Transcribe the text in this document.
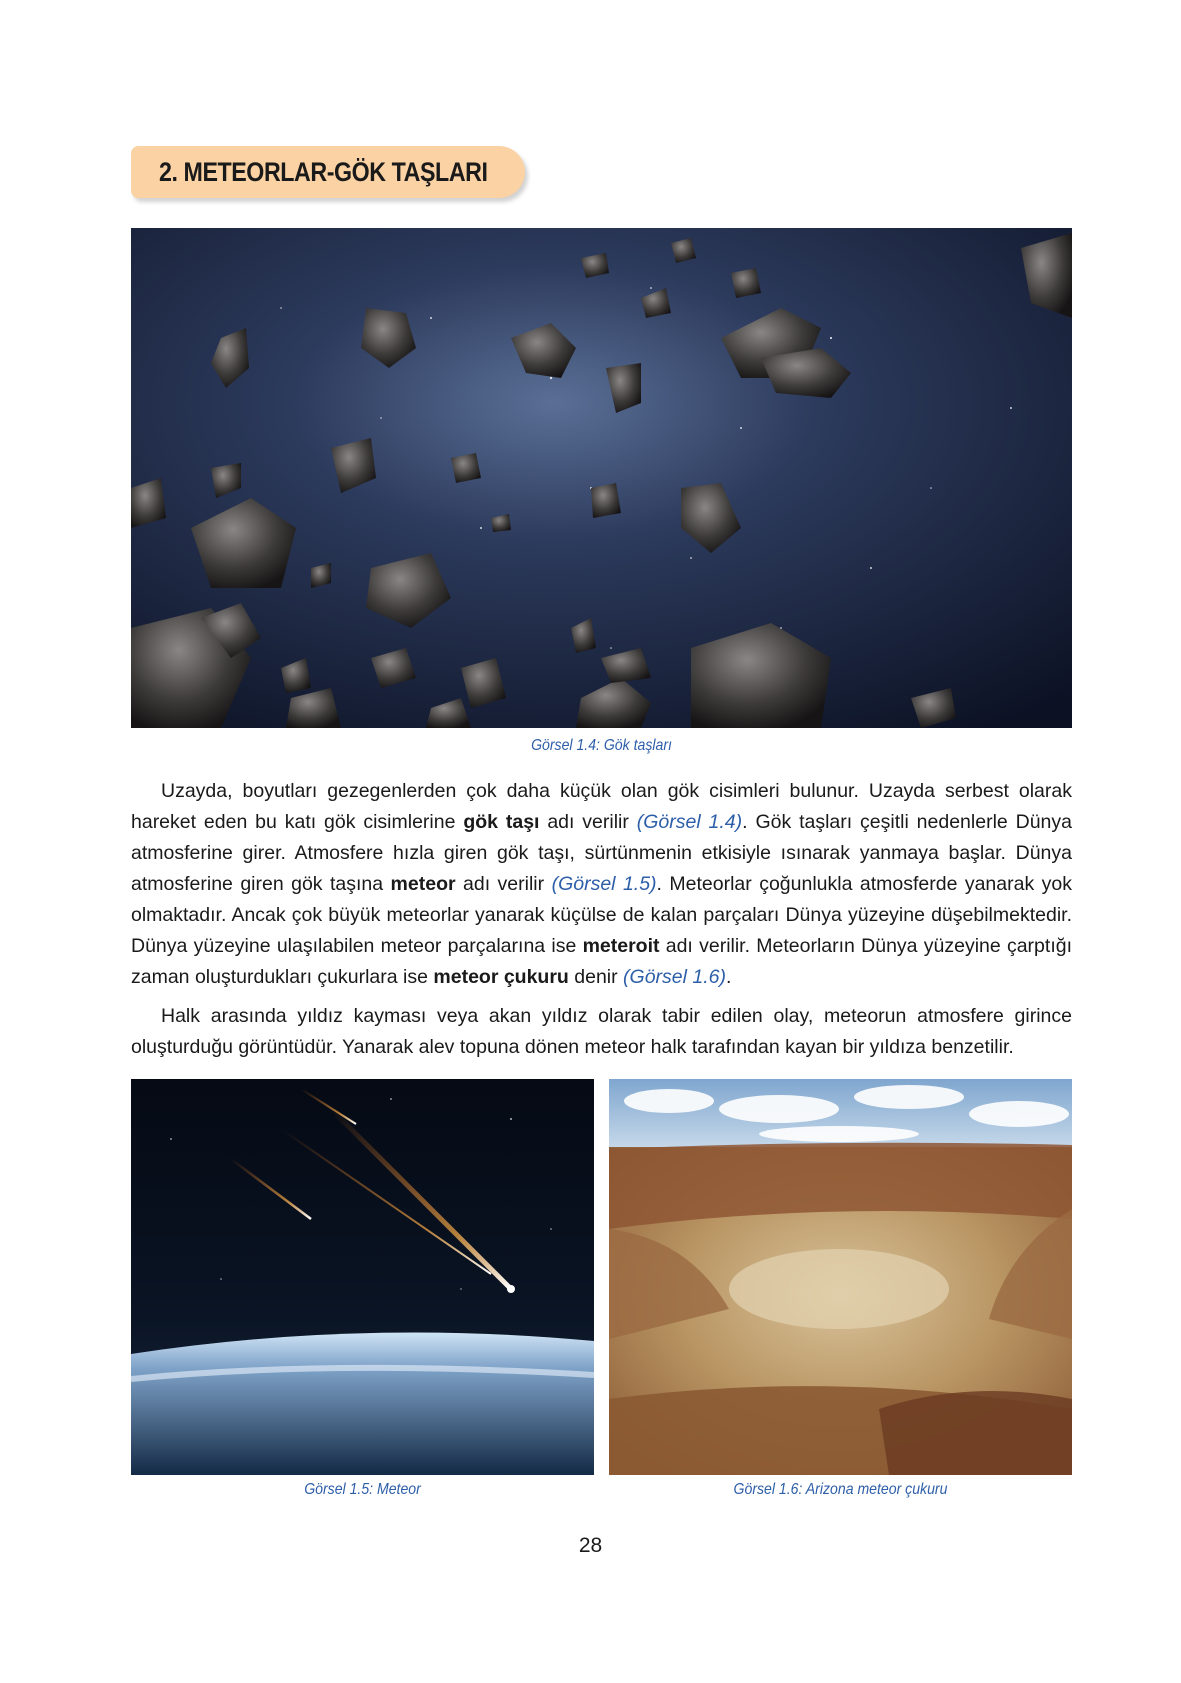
2. METEORLAR-GÖK TAŞLARI
Görsel 1.4: Gök taşları

Uzayda, boyutları gezegenlerden çok daha küçük olan gök cisimleri bulunur. Uzayda serbest olarak hareket eden bu katı gök cisimlerine gök taşı adı verilir (Görsel 1.4). Gök taşları çeşitli nedenlerle Dünya atmosferine girer. Atmosfere hızla giren gök taşı, sürtünmenin etkisiyle ısınarak yanmaya başlar. Dünya atmosferine giren gök taşına meteor adı verilir (Görsel 1.5). Meteorlar çoğunlukla atmosferde yanarak yok olmaktadır. Ancak çok büyük meteorlar yanarak küçülse de kalan parçaları Dünya yüzeyine düşebilmektedir. Dünya yüzeyine ulaşılabilen meteor parçalarına ise meteroit adı verilir. Meteorların Dünya yüzeyine çarptığı zaman oluşturdukları çukurlara ise meteor çukuru denir (Görsel 1.6).

Halk arasında yıldız kayması veya akan yıldız olarak tabir edilen olay, meteorun atmosfere girince oluşturduğu görüntüdür. Yanarak alev topuna dönen meteor halk tarafından kayan bir yıldıza benzetilir.

Görsel 1.5: Meteor	Görsel 1.6: Arizona meteor çukuru
28
